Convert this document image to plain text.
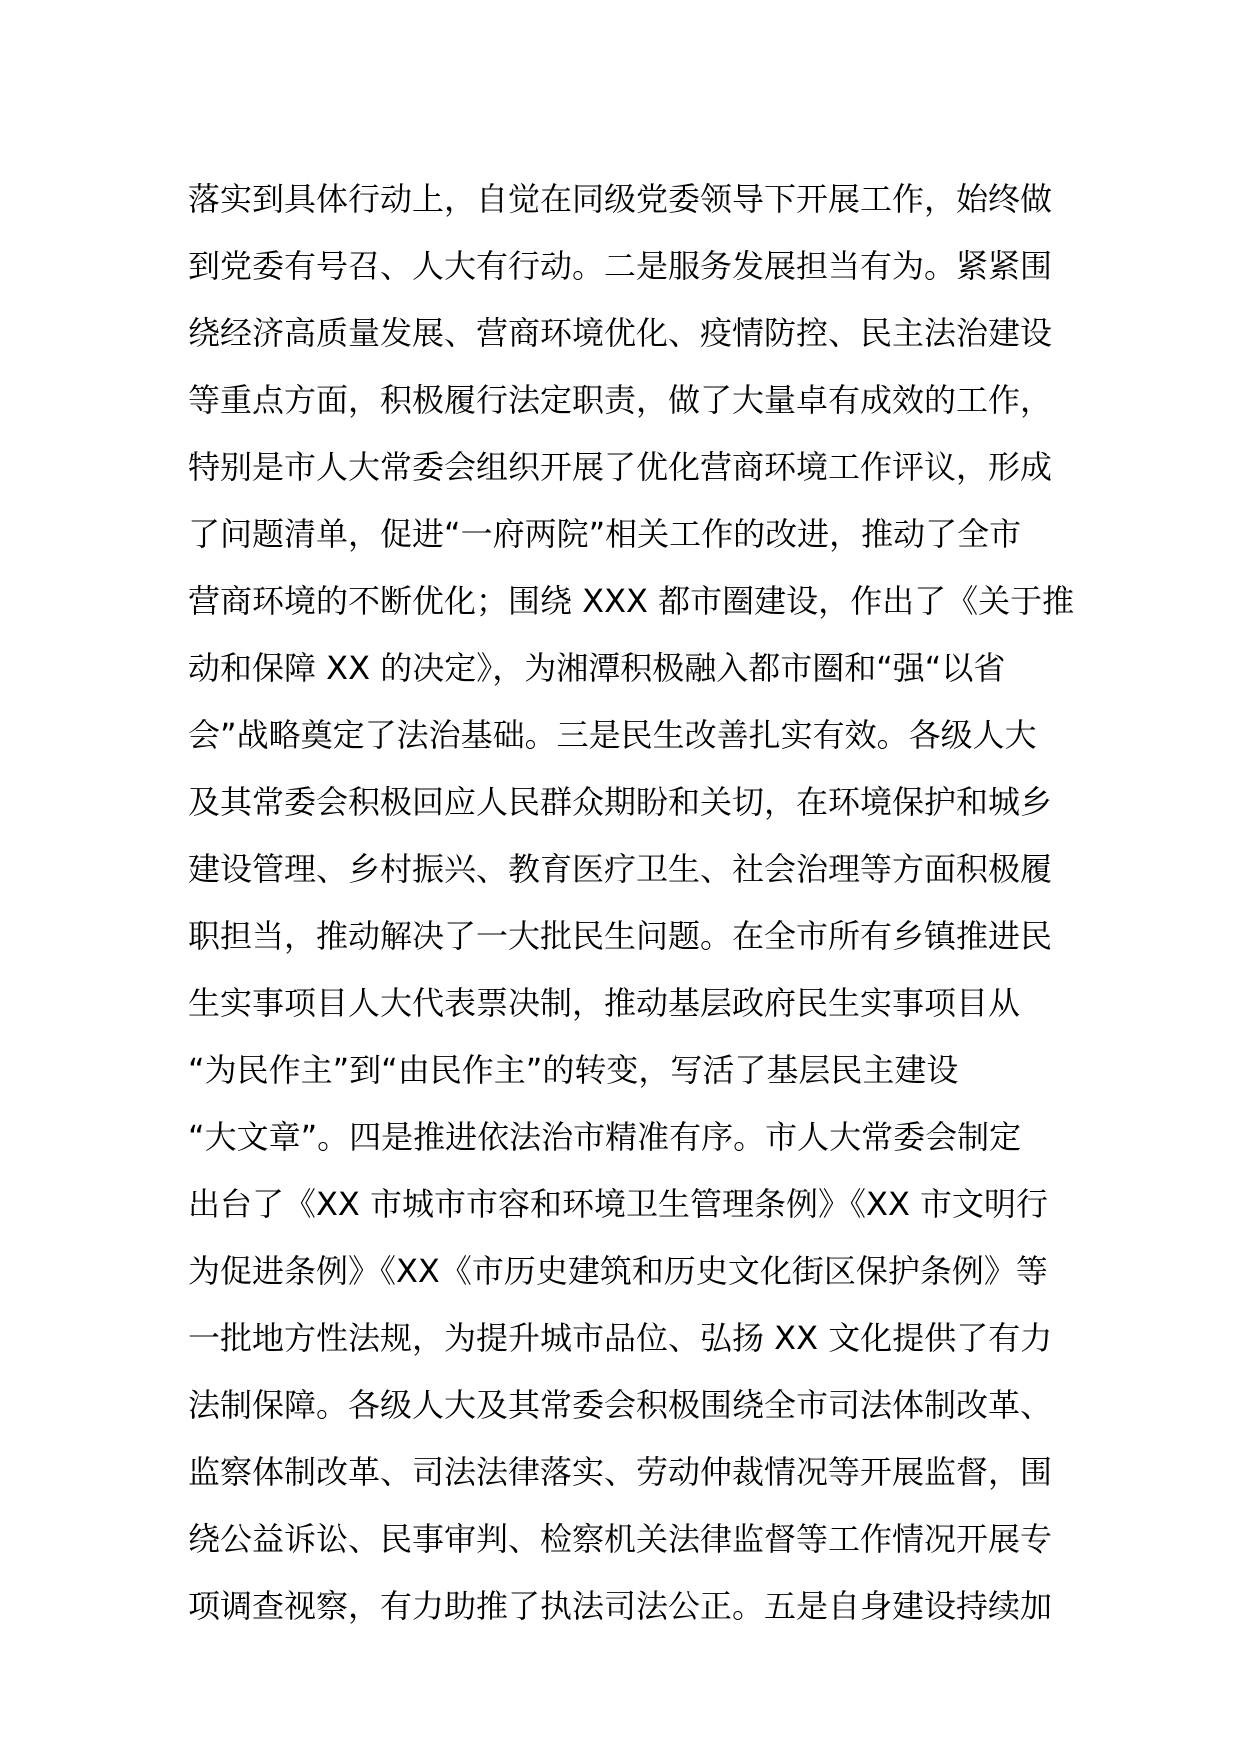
落实到具体行动上，自觉在同级党委领导下开展工作，始终做
到党委有号召、人大有行动。二是服务发展担当有为。紧紧围
绕经济高质量发展、营商环境优化、疫情防控、民主法治建设
等重点方面，积极履行法定职责，做了大量卓有成效的工作，
特别是市人大常委会组织开展了优化营商环境工作评议，形成
了问题清单，促进“一府两院”相关工作的改进，推动了全市
营商环境的不断优化；围绕 XXX 都市圈建设，作出了《关于推
动和保障 XX 的决定》，为湘潭积极融入都市圈和“强“以省
会”战略奠定了法治基础。三是民生改善扎实有效。各级人大
及其常委会积极回应人民群众期盼和关切，在环境保护和城乡
建设管理、乡村振兴、教育医疗卫生、社会治理等方面积极履
职担当，推动解决了一大批民生问题。在全市所有乡镇推进民
生实事项目人大代表票决制，推动基层政府民生实事项目从
“为民作主”到“由民作主”的转变，写活了基层民主建设
“大文章”。四是推进依法治市精准有序。市人大常委会制定
出台了《XX 市城市市容和环境卫生管理条例》《XX 市文明行
为促进条例》《XX《市历史建筑和历史文化街区保护条例》等
一批地方性法规，为提升城市品位、弘扬 XX 文化提供了有力
法制保障。各级人大及其常委会积极围绕全市司法体制改革、
监察体制改革、司法法律落实、劳动仲裁情况等开展监督，围
绕公益诉讼、民事审判、检察机关法律监督等工作情况开展专
项调查视察，有力助推了执法司法公正。五是自身建设持续加
